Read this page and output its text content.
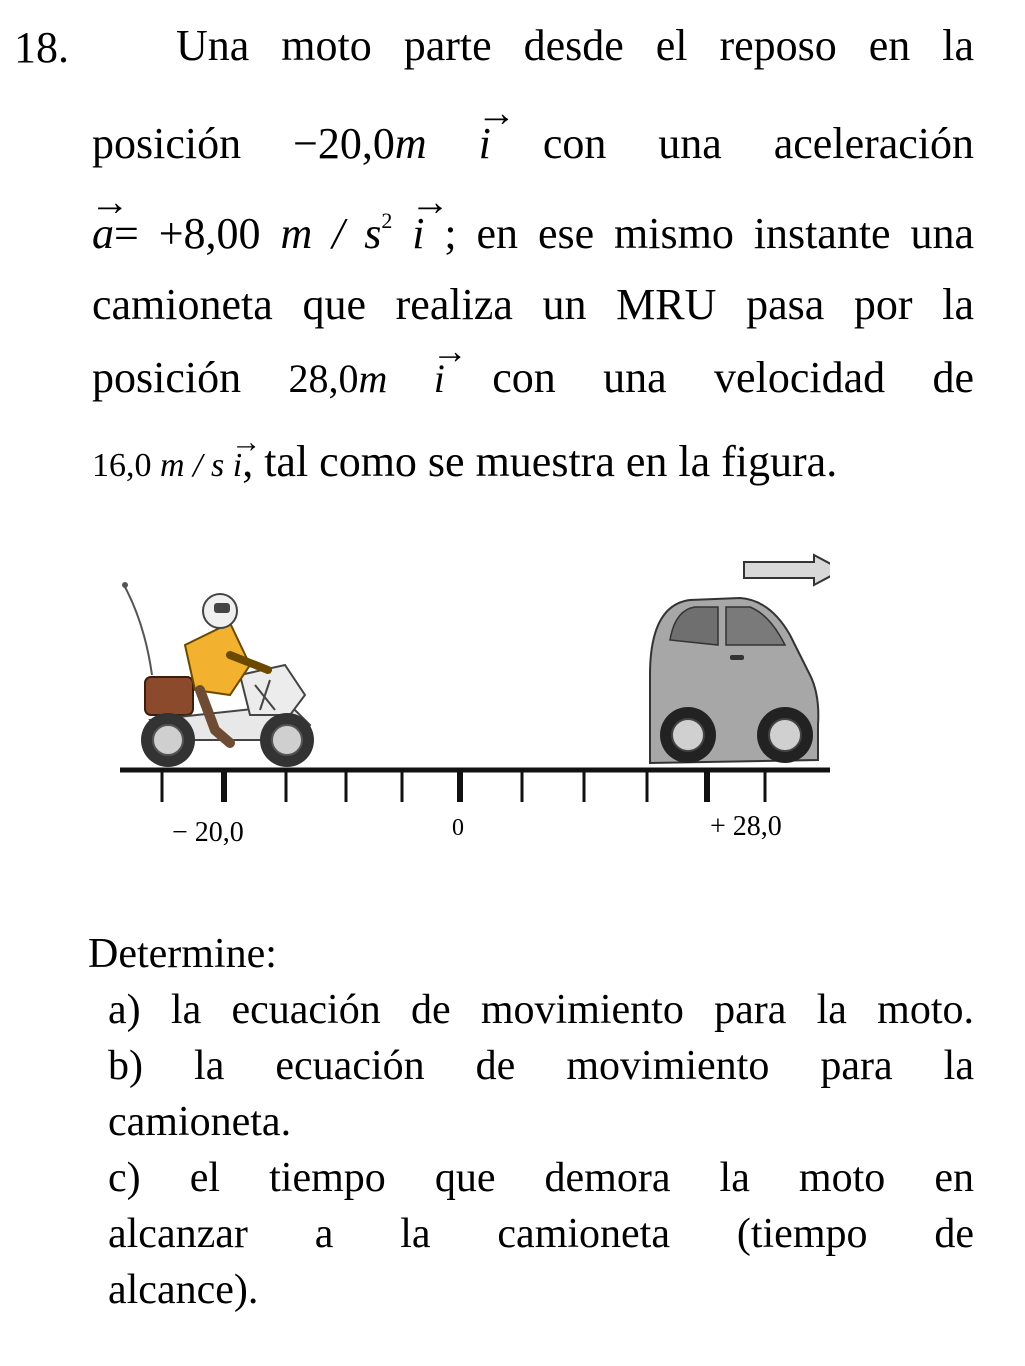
18. Una moto parte desde el reposo en la
posición −20,0m → i con una aceleración
→ a= +8,00 $m / s^2 \to i$ ; en ese mismo instante una
camioneta que realiza un MRU pasa por la
posición 28,0m → i con una velocidad de
16,0 m / s → i, tal como se muestra en la figura.
− 20,0	0	+ 28,0
Determine:
a) la ecuación de movimiento para la moto.
b) la ecuación de movimiento para la
camioneta.
c) el tiempo que demora la moto en
alcanzar a la camioneta (tiempo de
alcance).
